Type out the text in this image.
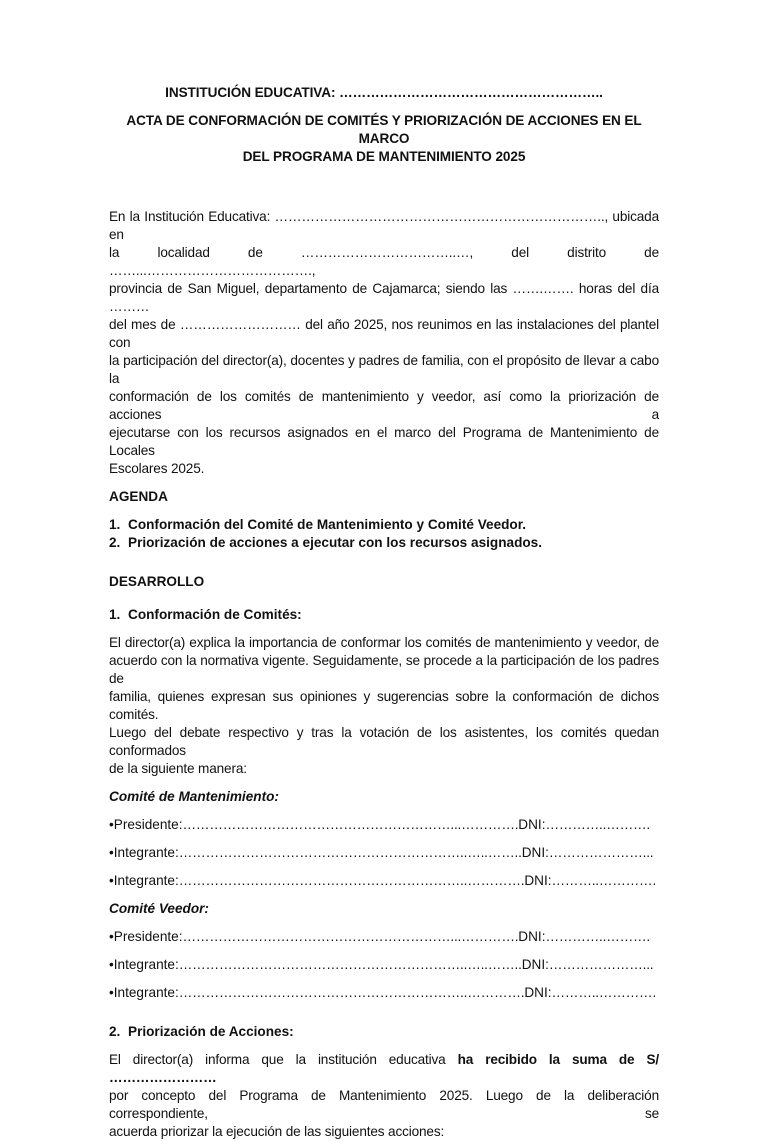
INSTITUCIÓN EDUCATIVA: …………………………………………………..

ACTA DE CONFORMACIÓN DE COMITÉS Y PRIORIZACIÓN DE ACCIONES EN EL MARCO
DEL PROGRAMA DE MANTENIMIENTO 2025

En la Institución Educativa: ……………………………………………………………….., ubicada en
la localidad de ……………………………..…, del distrito de ……...……………………………….,
provincia de San Miguel, departamento de Cajamarca; siendo las …….……. horas del día ………
del mes de ……………………… del año 2025, nos reunimos en las instalaciones del plantel con
la participación del director(a), docentes y padres de familia, con el propósito de llevar a cabo la
conformación de los comités de mantenimiento y veedor, así como la priorización de acciones a
ejecutarse con los recursos asignados en el marco del Programa de Mantenimiento de Locales
Escolares 2025.

AGENDA

1. Conformación del Comité de Mantenimiento y Comité Veedor.
2. Priorización de acciones a ejecutar con los recursos asignados.

DESARROLLO

1. Conformación de Comités:

El director(a) explica la importancia de conformar los comités de mantenimiento y veedor, de
acuerdo con la normativa vigente. Seguidamente, se procede a la participación de los padres de
familia, quienes expresan sus opiniones y sugerencias sobre la conformación de dichos comités.
Luego del debate respectivo y tras la votación de los asistentes, los comités quedan conformados
de la siguiente manera:

Comité de Mantenimiento:

•Presidente: ……………………………………………………...…………. DNI: …………..……….
•Integrante: ………………………………………………………..…..…….. DNI: …………………...
•Integrante: ………………………………………………………..…………. DNI: ………..………….

Comité Veedor:

•Presidente: ……………………………………………………...…………. DNI: …………..……….
•Integrante: ………………………………………………………..…..…….. DNI: …………………...
•Integrante: ………………………………………………………..…………. DNI: ………..………….
2. Priorización de Acciones:

El director(a) informa que la institución educativa ha recibido la suma de S/ ……………………
por concepto del Programa de Mantenimiento 2025. Luego de la deliberación correspondiente, se
acuerda priorizar la ejecución de las siguientes acciones:
